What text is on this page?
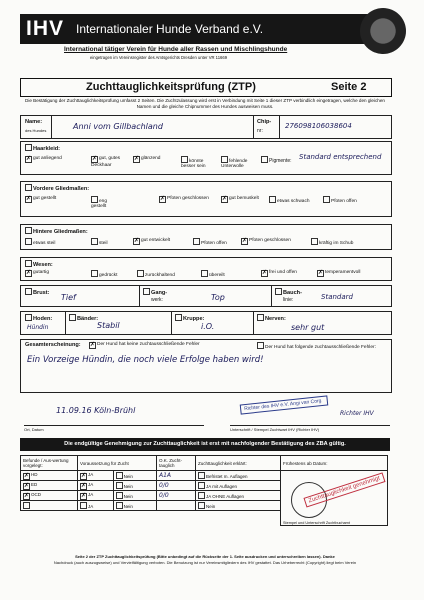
IHV Internationaler Hunde Verband e.V.
International tätiger Verein für Hunde aller Rassen und Mischlingshunde
eingetragen im Vereinsregister des Amtsgerichts Dresden unter VR 11669
Zuchttauglichkeitsprüfung (ZTP)	Seite 2
Die Bestätigung der Zuchttauglichkeitsprüfung umfasst 2 Seiten. Die Zuchtzulassung wird erst in Verbindung mit Seite 1 dieser ZTP verbindlich eingetragen, welche den gleichen Namen und die gleiche Chipnummer des Hundes ausweisen muss.
Name:
des Hundes	Anni vom Gillbachland	Chip-
nr:
276098106038604
Haarkleid:
✗ gut anliegend	✗ gut, gutes Deckhaar
✗ glänzend
könnte besser sein
fehlende Unterwolle
Pigmente: Standard entsprechend
Vordere Gliedmaßen:
✗ gut gestellt
eng gestellt
✗ Pfoten geschlossen ✗ gut bemuskelt
etwas schwach	Pfoten offen
Hintere Gliedmaßen:
etwas steil	steil	✗ gut entwickelt
Pfoten offen	✗ Pfoten geschlossen
kräftig im Schub
Wesen:
✗ gutartig
gedrückt	zurückhaltend	übereilt	✗ frei und offen	✗ temperamentvoll
Brust: Tief	Gang-
werk:	Top	Bauch-
linie:	Standard
Hoden:
Hündin
Bänder:
Stabil
Kruppe:
i.O.
Nerven:
sehr gut
Gesamterscheinung: ✗ Der Hund hat keine zuchtausschließende Fehler
Der Hund hat folgende zuchtausschließende Fehler:
Ein Vorzeige Hündin, die noch viele Erfolge haben wird!
11.09.16 Köln-Brühl	Richter des IHV e.V. Angi van Corg
Richter IHV
Ort, Datum	Unterschrift / Stempel Zuchtwart IHV (Richter IHV)
Die endgültige Genehmigung zur Zuchttauglichkeit ist erst mit nachfolgender Bestätigung des ZBA gültig.
Befunde / Aus-wertung vorgelegt:	Voraussetzung für Zucht		O.K. Zucht-tauglich	Zuchttauglichkeit erklärt:	Frühestens ab Datum:
✗ HD	✗ JA	Nein	A1A	Befristet m. Auflagen	Zuchttauglichkeit genehmigt
Stempel und Unterschrift Zuchtbuchamt
✗ ED	✗ JA	Nein	0/0	JA mit Auflagen	
✗ OCD	✗ JA	Nein	0/0	JA OHNE Auflagen	
	JA	Nein		Nein	

Seite 2 der ZTP Zuchttauglichkeitsprüfung (Bitte unbedingt auf die Rückseite der 1. Seite ausdrucken und unterschreiben lassen). Danke
Nachdruck (auch auszugsweise) und Vervielfältigung verboten. Die Benutzung ist nur Vereinsmitgliedern des IHV gestattet. Das Urheberrecht (Copyright) liegt beim Verein
